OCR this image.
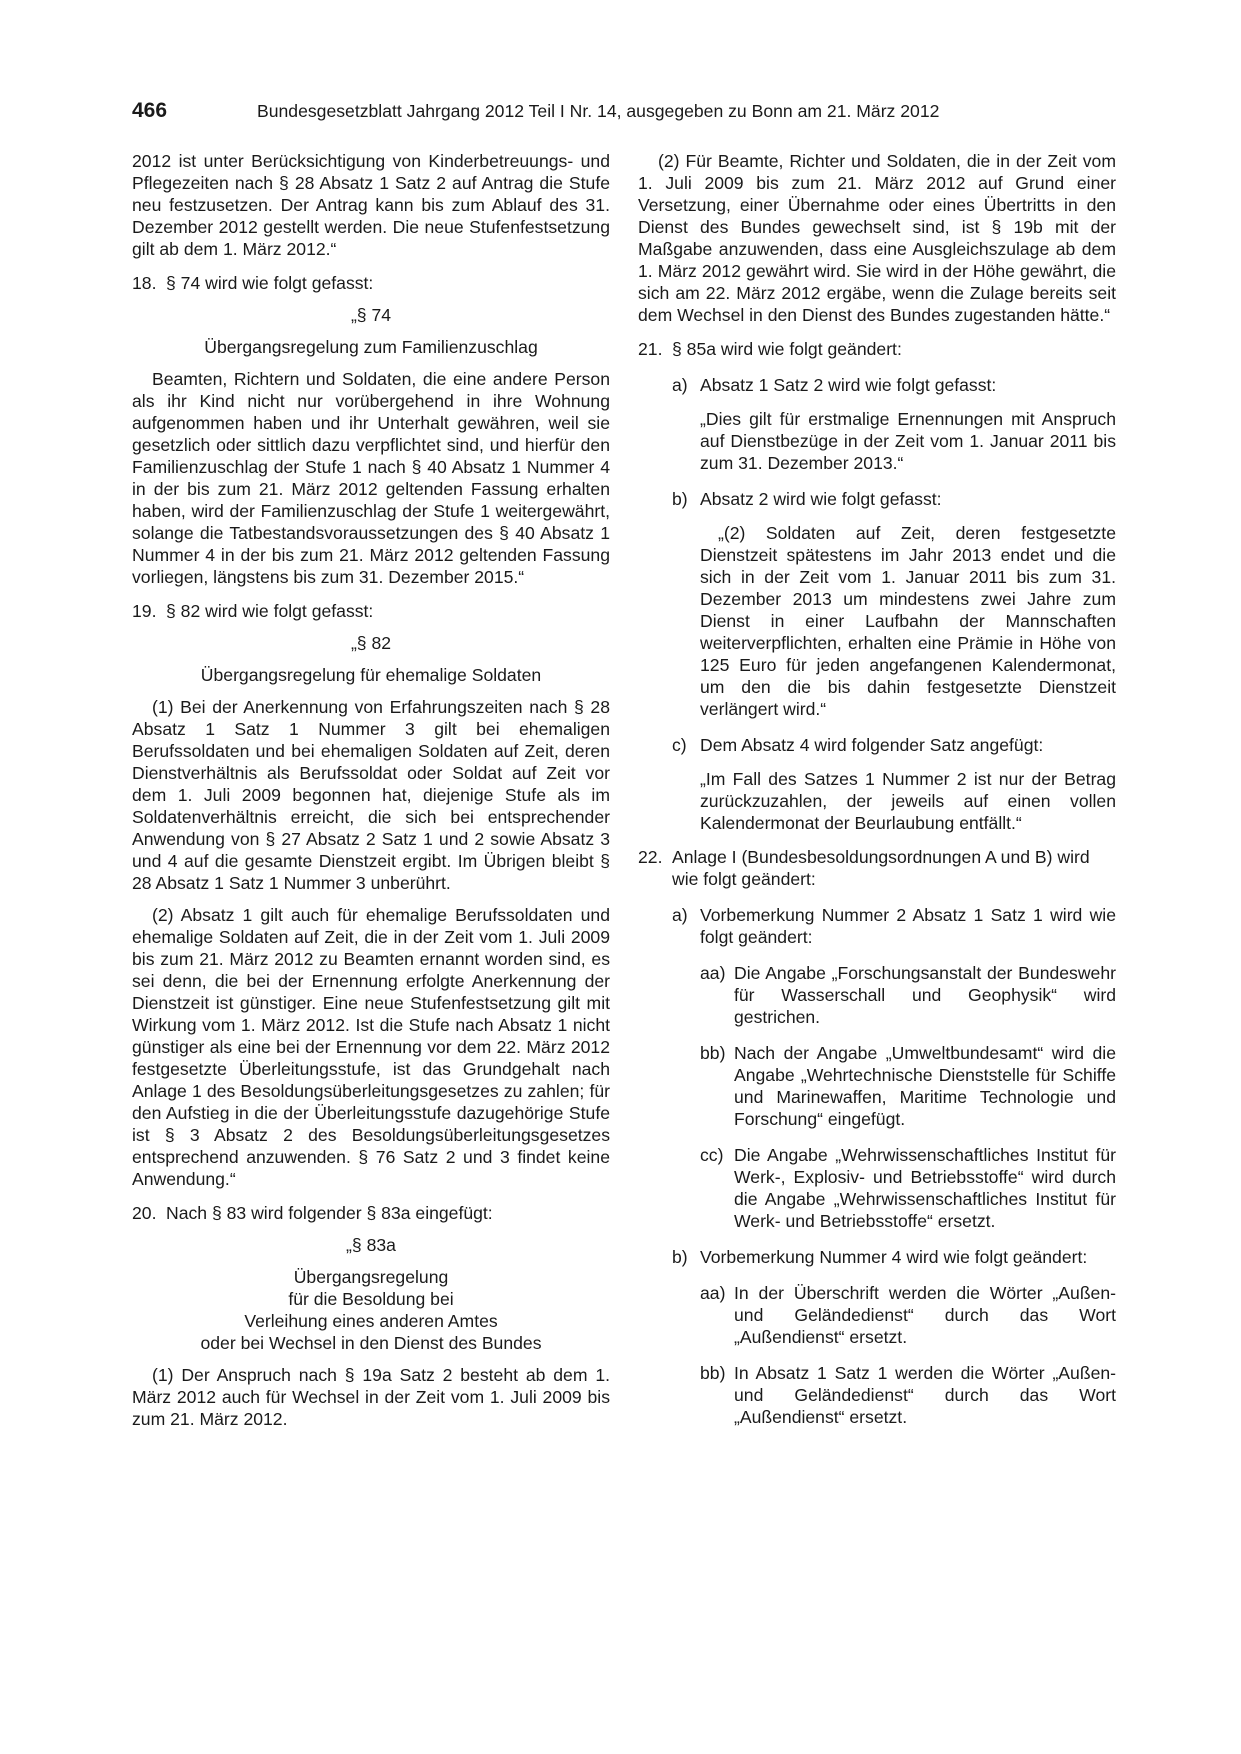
466	Bundesgesetzblatt Jahrgang 2012 Teil I Nr. 14, ausgegeben zu Bonn am 21. März 2012

2012 ist unter Berücksichtigung von Kinderbetreuungs- und Pflegezeiten nach § 28 Absatz 1 Satz 2 auf Antrag die Stufe neu festzusetzen. Der Antrag kann bis zum Ablauf des 31. Dezember 2012 gestellt werden. Die neue Stufenfestsetzung gilt ab dem 1. März 2012.“

18. § 74 wird wie folgt gefasst:
„§ 74
Übergangsregelung zum Familienzuschlag

Beamten, Richtern und Soldaten, die eine andere Person als ihr Kind nicht nur vorübergehend in ihre Wohnung aufgenommen haben und ihr Unterhalt gewähren, weil sie gesetzlich oder sittlich dazu verpflichtet sind, und hierfür den Familienzuschlag der Stufe 1 nach § 40 Absatz 1 Nummer 4 in der bis zum 21. März 2012 geltenden Fassung erhalten haben, wird der Familienzuschlag der Stufe 1 weitergewährt, solange die Tatbestandsvoraussetzungen des § 40 Absatz 1 Nummer 4 in der bis zum 21. März 2012 geltenden Fassung vorliegen, längstens bis zum 31. Dezember 2015.“

19. § 82 wird wie folgt gefasst:
„§ 82
Übergangsregelung für ehemalige Soldaten

(1) Bei der Anerkennung von Erfahrungszeiten nach § 28 Absatz 1 Satz 1 Nummer 3 gilt bei ehemaligen Berufssoldaten und bei ehemaligen Soldaten auf Zeit, deren Dienstverhältnis als Berufssoldat oder Soldat auf Zeit vor dem 1. Juli 2009 begonnen hat, diejenige Stufe als im Soldatenverhältnis erreicht, die sich bei entsprechender Anwendung von § 27 Absatz 2 Satz 1 und 2 sowie Absatz 3 und 4 auf die gesamte Dienstzeit ergibt. Im Übrigen bleibt § 28 Absatz 1 Satz 1 Nummer 3 unberührt.

(2) Absatz 1 gilt auch für ehemalige Berufssoldaten und ehemalige Soldaten auf Zeit, die in der Zeit vom 1. Juli 2009 bis zum 21. März 2012 zu Beamten ernannt worden sind, es sei denn, die bei der Ernennung erfolgte Anerkennung der Dienstzeit ist günstiger. Eine neue Stufenfestsetzung gilt mit Wirkung vom 1. März 2012. Ist die Stufe nach Absatz 1 nicht günstiger als eine bei der Ernennung vor dem 22. März 2012 festgesetzte Überleitungsstufe, ist das Grundgehalt nach Anlage 1 des Besoldungsüberleitungsgesetzes zu zahlen; für den Aufstieg in die der Überleitungsstufe dazugehörige Stufe ist § 3 Absatz 2 des Besoldungsüberleitungsgesetzes entsprechend anzuwenden. § 76 Satz 2 und 3 findet keine Anwendung.“

20. Nach § 83 wird folgender § 83a eingefügt:
„§ 83a
Übergangsregelung
für die Besoldung bei
Verleihung eines anderen Amtes
oder bei Wechsel in den Dienst des Bundes

(1) Der Anspruch nach § 19a Satz 2 besteht ab dem 1. März 2012 auch für Wechsel in der Zeit vom 1. Juli 2009 bis zum 21. März 2012.

(2) Für Beamte, Richter und Soldaten, die in der Zeit vom 1. Juli 2009 bis zum 21. März 2012 auf Grund einer Versetzung, einer Übernahme oder eines Übertritts in den Dienst des Bundes gewechselt sind, ist § 19b mit der Maßgabe anzuwenden, dass eine Ausgleichszulage ab dem 1. März 2012 gewährt wird. Sie wird in der Höhe gewährt, die sich am 22. März 2012 ergäbe, wenn die Zulage bereits seit dem Wechsel in den Dienst des Bundes zugestanden hätte.“

21. § 85a wird wie folgt geändert:
a) Absatz 1 Satz 2 wird wie folgt gefasst:

„Dies gilt für erstmalige Ernennungen mit Anspruch auf Dienstbezüge in der Zeit vom 1. Januar 2011 bis zum 31. Dezember 2013.“

b) Absatz 2 wird wie folgt gefasst:

„(2) Soldaten auf Zeit, deren festgesetzte Dienstzeit spätestens im Jahr 2013 endet und die sich in der Zeit vom 1. Januar 2011 bis zum 31. Dezember 2013 um mindestens zwei Jahre zum Dienst in einer Laufbahn der Mannschaften weiterverpflichten, erhalten eine Prämie in Höhe von 125 Euro für jeden angefangenen Kalendermonat, um den die bis dahin festgesetzte Dienstzeit verlängert wird.“

c) Dem Absatz 4 wird folgender Satz angefügt:

„Im Fall des Satzes 1 Nummer 2 ist nur der Betrag zurückzuzahlen, der jeweils auf einen vollen Kalendermonat der Beurlaubung entfällt.“

22. Anlage I (Bundesbesoldungsordnungen A und B) wird wie folgt geändert:
a) Vorbemerkung Nummer 2 Absatz 1 Satz 1 wird wie folgt geändert:
aa) Die Angabe „Forschungsanstalt der Bundeswehr für Wasserschall und Geophysik“ wird gestrichen.
bb) Nach der Angabe „Umweltbundesamt“ wird die Angabe „Wehrtechnische Dienststelle für Schiffe und Marinewaffen, Maritime Technologie und Forschung“ eingefügt.
cc) Die Angabe „Wehrwissenschaftliches Institut für Werk-, Explosiv- und Betriebsstoffe“ wird durch die Angabe „Wehrwissenschaftliches Institut für Werk- und Betriebsstoffe“ ersetzt.
b) Vorbemerkung Nummer 4 wird wie folgt geändert:
aa) In der Überschrift werden die Wörter „Außen- und Geländedienst“ durch das Wort „Außendienst“ ersetzt.
bb) In Absatz 1 Satz 1 werden die Wörter „Außen- und Geländedienst“ durch das Wort „Außendienst“ ersetzt.
